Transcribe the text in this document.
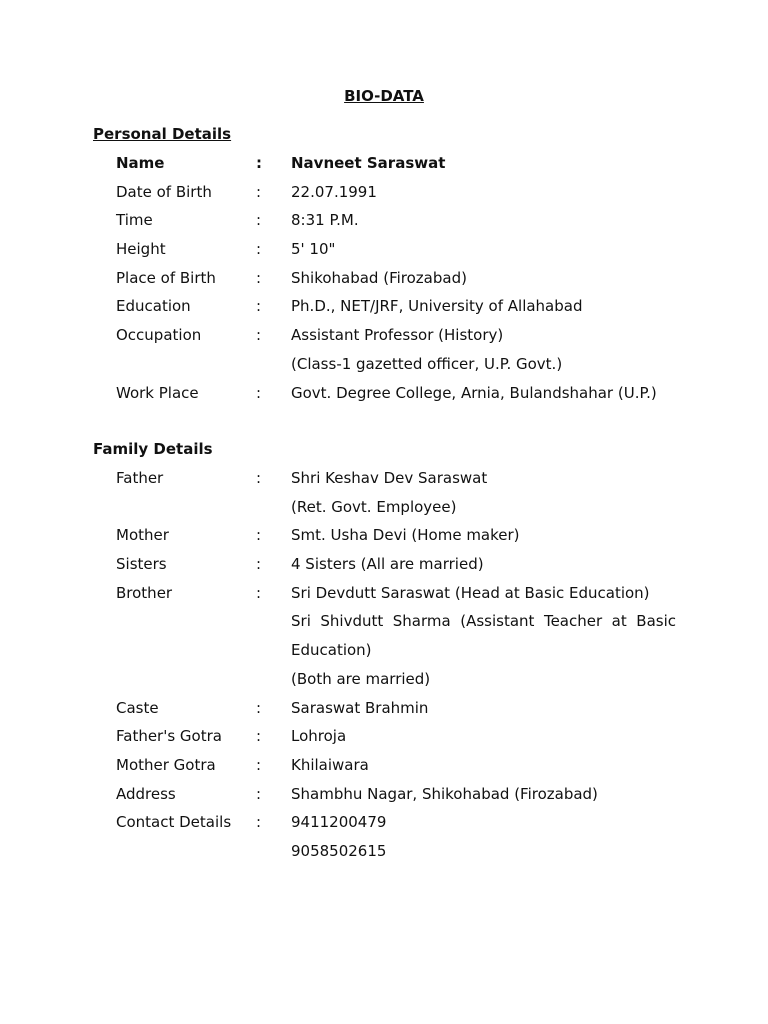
BIO-DATA
Personal Details
Name	: Navneet Saraswat
Date of Birth	: 22.07.1991
Time	: 8:31 P.M.
Height	: 5' 10"
Place of Birth	: Shikohabad (Firozabad)
Education	: Ph.D., NET/JRF, University of Allahabad
Occupation	: Assistant Professor (History)
(Class-1 gazetted officer, U.P. Govt.)
Work Place	: Govt. Degree College, Arnia, Bulandshahar (U.P.)
Family Details
Father	: Shri Keshav Dev Saraswat
(Ret. Govt. Employee)
Mother	: Smt. Usha Devi (Home maker)
Sisters	: 4 Sisters (All are married)
Brother	: Sri Devdutt Saraswat (Head at Basic Education)
Sri Shivdutt Sharma (Assistant Teacher at Basic
Education)
(Both are married)
Caste	: Saraswat Brahmin
Father's Gotra : Lohroja
Mother Gotra	: Khilaiwara
Address	: Shambhu Nagar, Shikohabad (Firozabad)
Contact Details : 9411200479
9058502615
